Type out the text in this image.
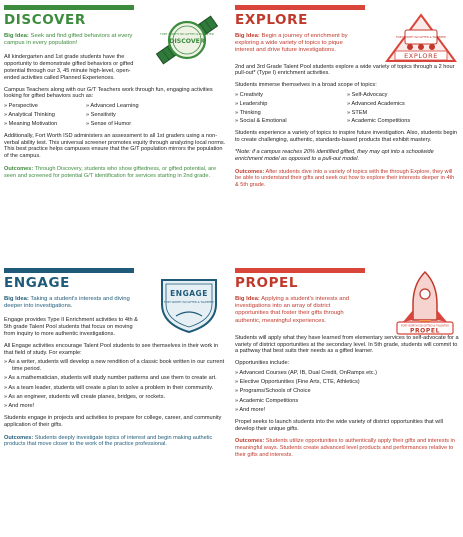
DISCOVER
FORT WORTH ISD GIFTED & TALENTED
DISCOVER
Big Idea: Seek and find gifted behaviors at every campus in every population!

All kindergarten and 1st grade students have the opportunity to demonstrate gifted behaviors or gifted potential through our 3, 45 minute high-level, open-ended activities called Planned Experiences.

Campus Teachers along with our G/T Teachers work through fun, engaging activities looking for gifted behaviors such as:

» Perspective	» Advanced Learning
» Analytical Thinking	» Sensitivity
» Meaning Motivation	» Sense of Humor

Additionally, Fort Worth ISD administers an assessment to all 1st graders using a non-verbal ability test. This universal screener promotes equity through analyzing local norms. This best practice helps campuses ensure that the G/T population mirrors the population of the campus.

Outcomes: Through Discovery, students who show giftedness, or gifted potential, are seen and screened for potential G/T identification for services starting in 2nd grade.
EXPLORE
FORT WORTH ISD GIFTED & TALENTED
EXPLORE
Big Idea: Begin a journey of enrichment by exploring a wide variety of topics to pique interest and drive future investigations.

2nd and 3rd Grade Talent Pool students explore a wide variety of topics through a 2 hour pull-out* (Type I) enrichment activities.

Students immerse themselves in a broad scope of topics:

» Creativity	» Self-Advocacy
» Leadership	» Advanced Academics
» Thinking	» STEM
» Social & Emotional	» Academic Competitions

Students experience a variety of topics to inspire future investigation. Also, students begin to create challenging, authentic, standards-based products that exhibit mastery.

*Note: if a campus reaches 20% identified gifted, they may opt into a schoolwide enrichment model as opposed to a pull-out model.

Outcomes: After students dive into a variety of topics with the through Explore, they will be able to understand their gifts and seek out how to explore their interests deeper in 4th & 5th grade.
ENGAGE
ENGAGE
FORT WORTH ISD GIFTED & TALENTED
Big Idea: Taking a student's interests and diving deeper into investigations.

Engage provides Type II Enrichment activities to 4th & 5th grade Talent Pool students that focus on moving from inquiry to more authentic investigations.

All Engage activities encourage Talent Pool students to see themselves in their work in that field of study. For example:

» As a writer, students will develop a new rendition of a classic book written in our current time period.
» As a mathematician, students will study number patterns and use them to create art.
» As a team leader, students will create a plan to solve a problem in their community.
» As an engineer, students will create planes, bridges, or rockets.
» And more!

Students engage in projects and activities to prepare for college, career, and community application of their gifts.

Outcomes: Students deeply investigate topics of interest and begin making authetic products that move closer to the work of the practice professional.
PROPEL
FORT WORTH ISD GIFTED & TALENTED
PROPEL
Big Idea: Applying a student's interests and investigations into an array of district opportunities that foster their gifts through authentic, meaningful experiences.

Students will apply what they have learned from elementary services to self-advocate for a variety of district opportunities at the secondary level. In 5th grade, students will commit to a pathway that best suits their needs as a gifted learner.

Opportunities include:

» Advanced Courses (AP, IB, Dual Credit, OnRamps etc.)
» Elective Opportunities (Fine Arts, CTE, Athletics)
» Programs/Schools of Choice
» Academic Competitions
» And more!

Propel seeks to launch students into the wide variety of district opportunities that will develop their unique gifts.

Outcomes: Students utilize opportunities to authentically apply their gifts and interests in meaningful ways. Students create advanced level products and performances relative to their gifts and interests.
